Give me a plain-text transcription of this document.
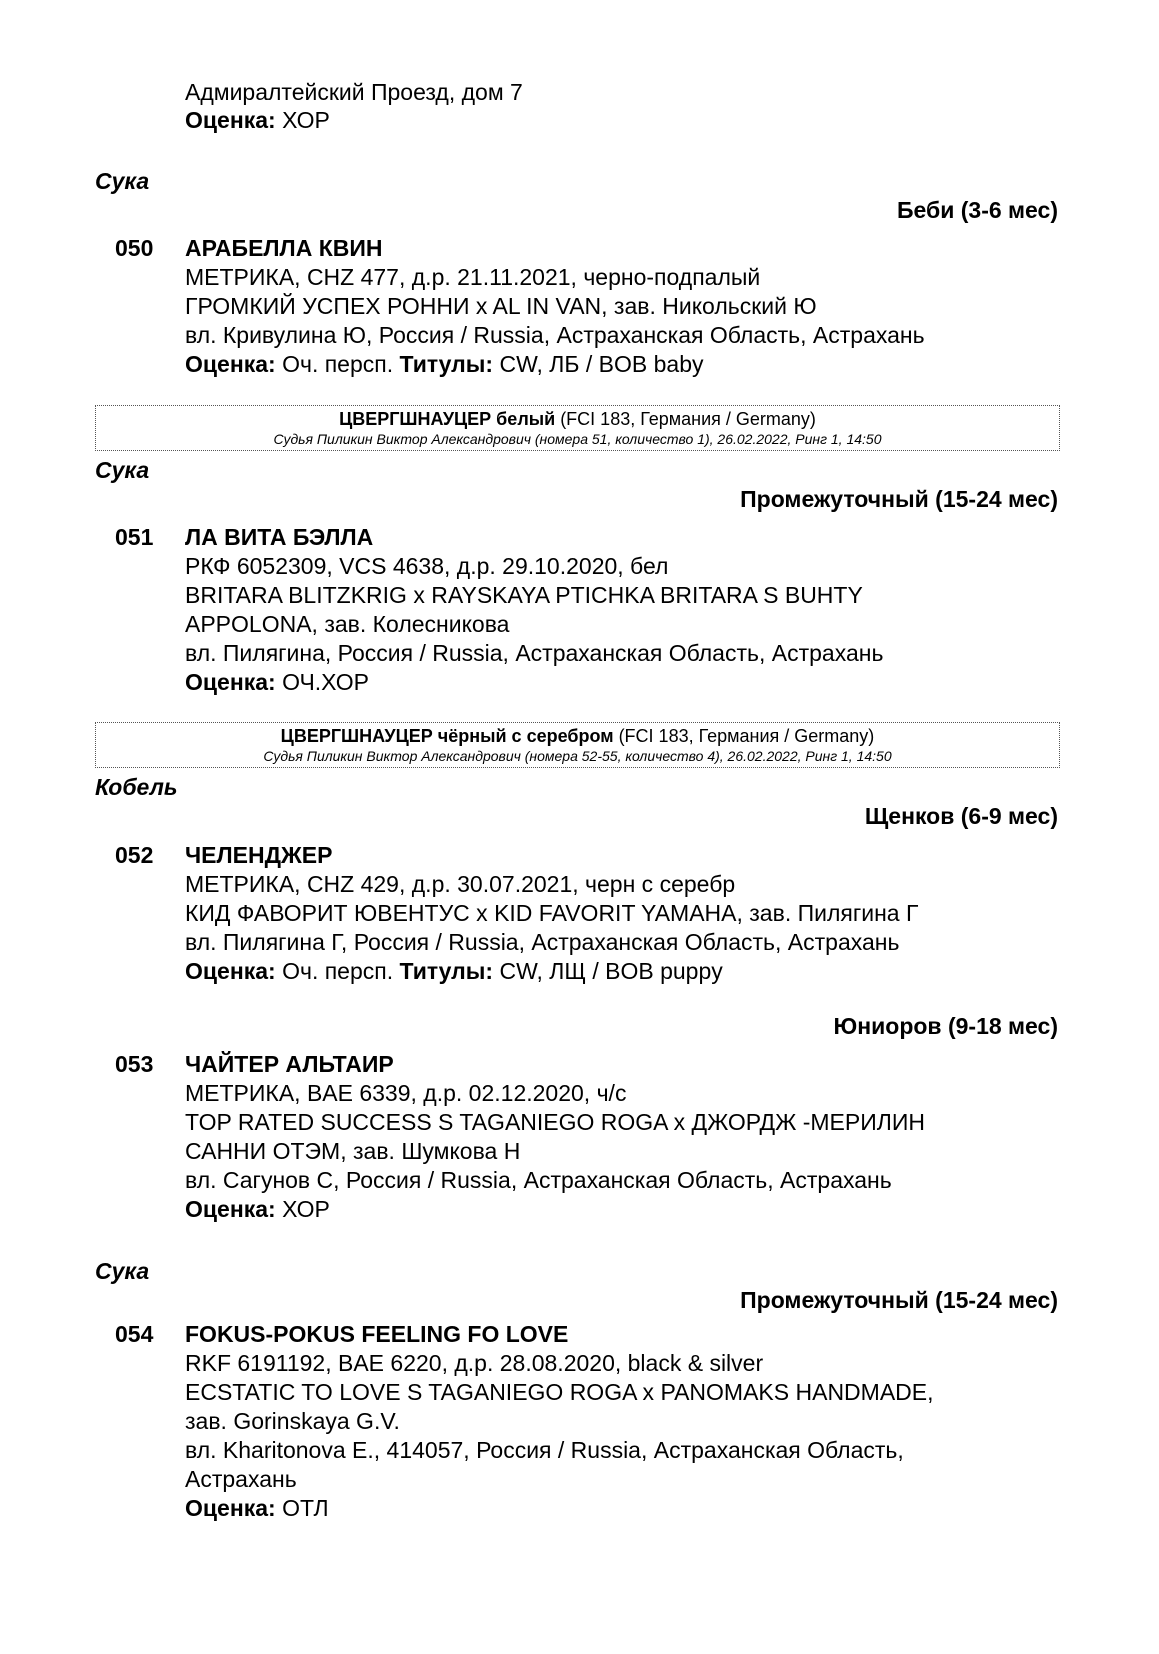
Адмиралтейский Проезд, дом 7
Оценка: ХОР
Сука
Беби (3-6 мес)
050 АРАБЕЛЛА КВИН
МЕТРИКА, CHZ 477, д.р. 21.11.2021, черно-подпалый
ГРОМКИЙ УСПЕХ РОННИ x AL IN VAN, зав. Никольский Ю
вл. Кривулина Ю, Россия / Russia, Астраханская Область, Астрахань
Оценка: Оч. персп. Титулы: CW, ЛБ / BOB baby
ЦВЕРГШНАУЦЕР белый (FCI 183, Германия / Germany)
Судья Пиликин Виктор Александрович (номера 51, количество 1), 26.02.2022, Ринг 1, 14:50
Сука
Промежуточный (15-24 мес)
051 ЛА ВИТА БЭЛЛА
РКФ 6052309, VCS 4638, д.р. 29.10.2020, бел
BRITARA BLITZKRIG x RAYSKAYA PTICHKA BRITARA S BUHTY
APPOLONA, зав. Колесникова
вл. Пилягина, Россия / Russia, Астраханская Область, Астрахань
Оценка: ОЧ.ХОР
ЦВЕРГШНАУЦЕР чёрный с серебром (FCI 183, Германия / Germany)
Судья Пиликин Виктор Александрович (номера 52-55, количество 4), 26.02.2022, Ринг 1, 14:50
Кобель
Щенков (6-9 мес)
052 ЧЕЛЕНДЖЕР
МЕТРИКА, CHZ 429, д.р. 30.07.2021, черн с серебр
КИД ФАВОРИТ ЮВЕНТУС x KID FAVORIT YAMAHA, зав. Пилягина Г
вл. Пилягина Г, Россия / Russia, Астраханская Область, Астрахань
Оценка: Оч. персп. Титулы: CW, ЛЩ / BOB puppy
Юниоров (9-18 мес)
053 ЧАЙТЕР АЛЬТАИР
МЕТРИКА, BAE 6339, д.р. 02.12.2020, ч/с
TOP RATED SUCCESS S TAGANIEGO ROGA x ДЖОРДЖ -МЕРИЛИН
САННИ ОТЭМ, зав. Шумкова Н
вл. Сагунов С, Россия / Russia, Астраханская Область, Астрахань
Оценка: ХОР
Сука
Промежуточный (15-24 мес)
054 FOKUS-POKUS FEELING FO LOVE
RKF 6191192, BAE 6220, д.р. 28.08.2020, black & silver
ECSTATIC TO LOVE S TAGANIEGO ROGA x PANOMAKS HANDMADE,
зав. Gorinskaya G.V.
вл. Kharitonova E., 414057, Россия / Russia, Астраханская Область,
Астрахань
Оценка: ОТЛ
